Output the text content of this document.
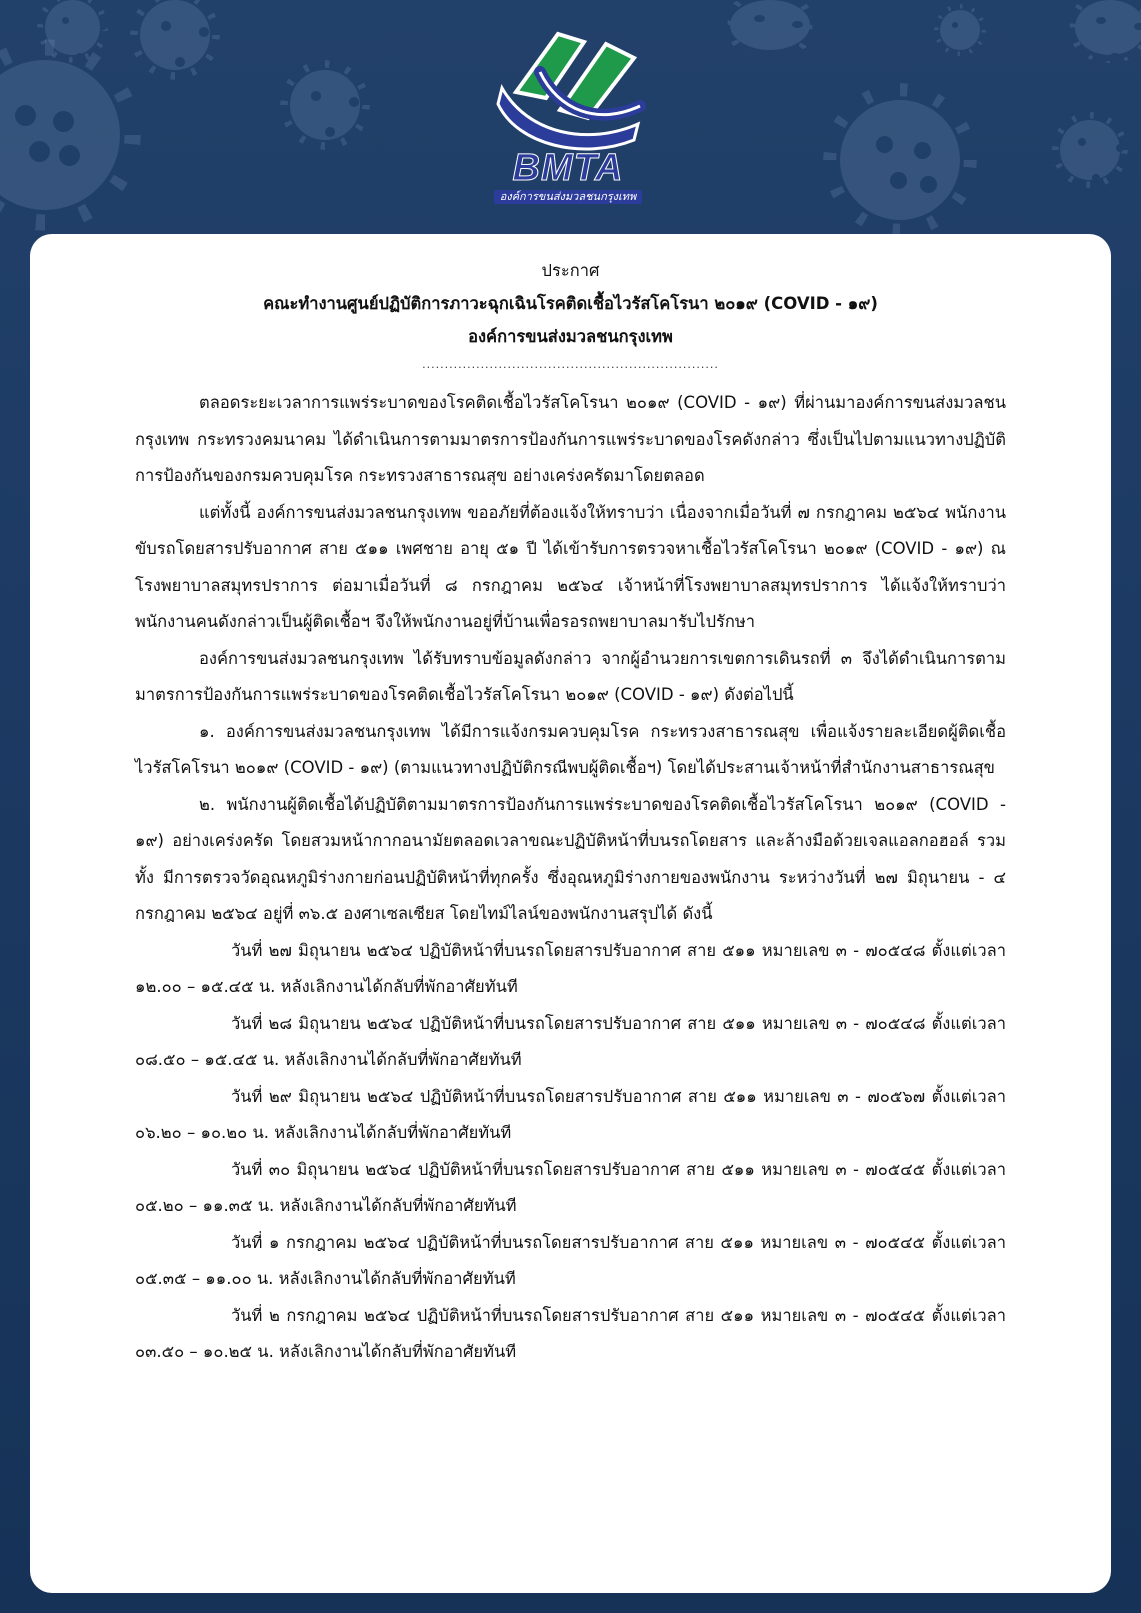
BMTA
องค์การขนส่งมวลชนกรุงเทพ
ประกาศ
คณะทำงานศูนย์ปฏิบัติการภาวะฉุกเฉินโรคติดเชื้อไวรัสโคโรนา ๒๐๑๙ (COVID - ๑๙)
องค์การขนส่งมวลชนกรุงเทพ
..................................................................

ตลอดระยะเวลาการแพร่ระบาดของโรคติดเชื้อไวรัสโคโรนา ๒๐๑๙ (COVID - ๑๙) ที่ผ่านมาองค์การขนส่งมวลชนกรุงเทพ กระทรวงคมนาคม ได้ดำเนินการตามมาตรการป้องกันการแพร่ระบาดของโรคดังกล่าว ซึ่งเป็นไปตามแนวทางปฏิบัติการป้องกันของกรมควบคุมโรค กระทรวงสาธารณสุข อย่างเคร่งครัดมาโดยตลอด

แต่ทั้งนี้ องค์การขนส่งมวลชนกรุงเทพ ขออภัยที่ต้องแจ้งให้ทราบว่า เนื่องจากเมื่อวันที่ ๗ กรกฎาคม ๒๕๖๔ พนักงานขับรถโดยสารปรับอากาศ สาย ๕๑๑ เพศชาย อายุ ๕๑ ปี ได้เข้ารับการตรวจหาเชื้อไวรัสโคโรนา ๒๐๑๙ (COVID - ๑๙) ณ โรงพยาบาลสมุทรปราการ ต่อมาเมื่อวันที่ ๘ กรกฎาคม ๒๕๖๔ เจ้าหน้าที่โรงพยาบาลสมุทรปราการ ได้แจ้งให้ทราบว่า พนักงานคนดังกล่าวเป็นผู้ติดเชื้อฯ จึงให้พนักงานอยู่ที่บ้านเพื่อรอรถพยาบาลมารับไปรักษา

องค์การขนส่งมวลชนกรุงเทพ ได้รับทราบข้อมูลดังกล่าว จากผู้อำนวยการเขตการเดินรถที่ ๓ จึงได้ดำเนินการตามมาตรการป้องกันการแพร่ระบาดของโรคติดเชื้อไวรัสโคโรนา ๒๐๑๙ (COVID - ๑๙) ดังต่อไปนี้

๑. องค์การขนส่งมวลชนกรุงเทพ ได้มีการแจ้งกรมควบคุมโรค กระทรวงสาธารณสุข เพื่อแจ้งรายละเอียดผู้ติดเชื้อไวรัสโคโรนา ๒๐๑๙ (COVID - ๑๙) (ตามแนวทางปฏิบัติกรณีพบผู้ติดเชื้อฯ) โดยได้ประสานเจ้าหน้าที่สำนักงานสาธารณสุข

๒. พนักงานผู้ติดเชื้อได้ปฏิบัติตามมาตรการป้องกันการแพร่ระบาดของโรคติดเชื้อไวรัสโคโรนา ๒๐๑๙ (COVID - ๑๙) อย่างเคร่งครัด โดยสวมหน้ากากอนามัยตลอดเวลาขณะปฏิบัติหน้าที่บนรถโดยสาร และล้างมือด้วยเจลแอลกอฮอล์ รวมทั้ง มีการตรวจวัดอุณหภูมิร่างกายก่อนปฏิบัติหน้าที่ทุกครั้ง ซึ่งอุณหภูมิร่างกายของพนักงาน ระหว่างวันที่ ๒๗ มิถุนายน - ๔ กรกฎาคม ๒๕๖๔ อยู่ที่ ๓๖.๕ องศาเซลเซียส โดยไทม์ไลน์ของพนักงานสรุปได้ ดังนี้

วันที่ ๒๗ มิถุนายน ๒๕๖๔ ปฏิบัติหน้าที่บนรถโดยสารปรับอากาศ สาย ๕๑๑ หมายเลข ๓ - ๗๐๕๔๘ ตั้งแต่เวลา ๑๒.๐๐ – ๑๕.๔๕ น. หลังเลิกงานได้กลับที่พักอาศัยทันที

วันที่ ๒๘ มิถุนายน ๒๕๖๔ ปฏิบัติหน้าที่บนรถโดยสารปรับอากาศ สาย ๕๑๑ หมายเลข ๓ - ๗๐๕๔๘ ตั้งแต่เวลา ๐๘.๕๐ – ๑๕.๔๕ น. หลังเลิกงานได้กลับที่พักอาศัยทันที

วันที่ ๒๙ มิถุนายน ๒๕๖๔ ปฏิบัติหน้าที่บนรถโดยสารปรับอากาศ สาย ๕๑๑ หมายเลข ๓ - ๗๐๕๖๗ ตั้งแต่เวลา ๐๖.๒๐ – ๑๐.๒๐ น. หลังเลิกงานได้กลับที่พักอาศัยทันที

วันที่ ๓๐ มิถุนายน ๒๕๖๔ ปฏิบัติหน้าที่บนรถโดยสารปรับอากาศ สาย ๕๑๑ หมายเลข ๓ - ๗๐๕๔๕ ตั้งแต่เวลา ๐๕.๒๐ – ๑๑.๓๕ น. หลังเลิกงานได้กลับที่พักอาศัยทันที

วันที่ ๑ กรกฎาคม ๒๕๖๔ ปฏิบัติหน้าที่บนรถโดยสารปรับอากาศ สาย ๕๑๑ หมายเลข ๓ - ๗๐๕๔๕ ตั้งแต่เวลา ๐๕.๓๕ – ๑๑.๐๐ น. หลังเลิกงานได้กลับที่พักอาศัยทันที

วันที่ ๒ กรกฎาคม ๒๕๖๔ ปฏิบัติหน้าที่บนรถโดยสารปรับอากาศ สาย ๕๑๑ หมายเลข ๓ - ๗๐๕๔๕ ตั้งแต่เวลา ๐๓.๕๐ – ๑๐.๒๕ น. หลังเลิกงานได้กลับที่พักอาศัยทันที
